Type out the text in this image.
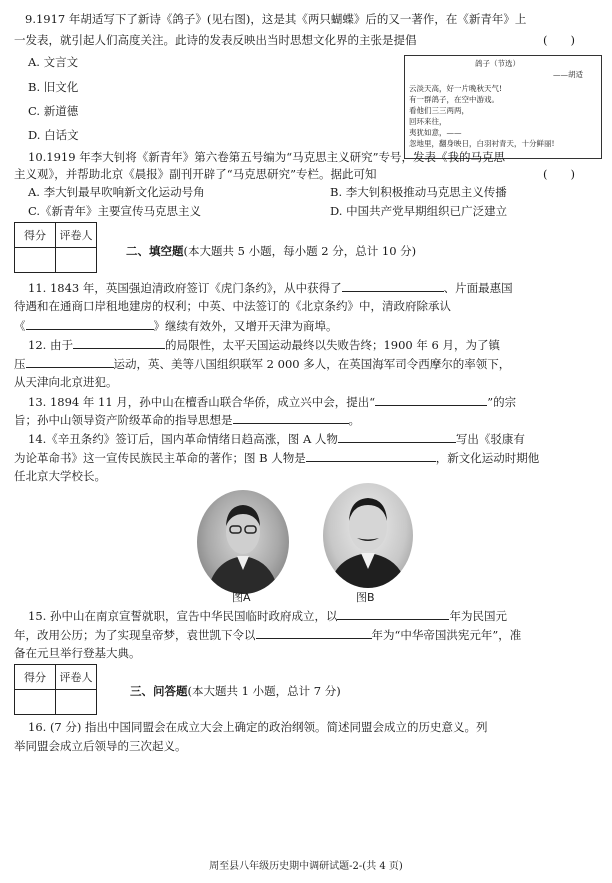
9.1917 年胡适写下了新诗《鸽子》(见右图)，这是其《两只蝴蝶》后的又一著作，在《新青年》上
一发表，就引起人们高度关注。此诗的发表反映出当时思想文化界的主张是提倡	(　　)
A. 文言文
B. 旧文化
C. 新道德
D. 白话文
鸽子（节选）
——胡适
云淡天高，好一片晚秋天气!
有一群鸽子，在空中游戏。
看他们三三两两，
回环来往，
夷犹如意，——
忽地里，翻身映日，白羽衬青天，十分鲜丽!
10.1919 年李大钊将《新青年》第六卷第五号编为“马克思主义研究”专号，发表《我的马克思
主义观》，并帮助北京《晨报》副刊开辟了“马克思研究”专栏。据此可知	(　　)
A. 李大钊最早吹响新文化运动号角	B. 李大钊积极推动马克思主义传播
C.《新青年》主要宣传马克思主义	D. 中国共产党早期组织已广泛建立
得分	评卷人

二、填空题(本大题共 5 小题，每小题 2 分，总计 10 分)
11. 1843 年，英国强迫清政府签订《虎门条约》，从中获得了	、片面最惠国
待遇和在通商口岸租地建房的权利；中英、中法签订的《北京条约》中，清政府除承认
《	》继续有效外，又增开天津为商埠。
12. 由于	的局限性，太平天国运动最终以失败告终；1900 年 6 月，为了镇
压	运动，英、美等八国组织联军 2 000 多人，在英国海军司令西摩尔的率领下，
从天津向北京进犯。
13. 1894 年 11 月，孙中山在檀香山联合华侨，成立兴中会，提出“	”的宗
旨；孙中山领导资产阶级革命的指导思想是	。
14.《辛丑条约》签订后，国内革命情绪日趋高涨，图 A 人物	写出《驳康有
为论革命书》这一宣传民族民主革命的著作；图 B 人物是	，新文化运动时期他
任北京大学校长。
图A	图B
15. 孙中山在南京宣誓就职，宣告中华民国临时政府成立，以	年为民国元
年，改用公历；为了实现皇帝梦，袁世凯下令以	年为“中华帝国洪宪元年”，准
备在元旦举行登基大典。
得分	评卷人

三、问答题(本大题共 1 小题，总计 7 分)
16. (7 分) 指出中国同盟会在成立大会上确定的政治纲领。简述同盟会成立的历史意义。列
举同盟会成立后领导的三次起义。
周至县八年级历史期中调研试题-2-(共 4 页)
